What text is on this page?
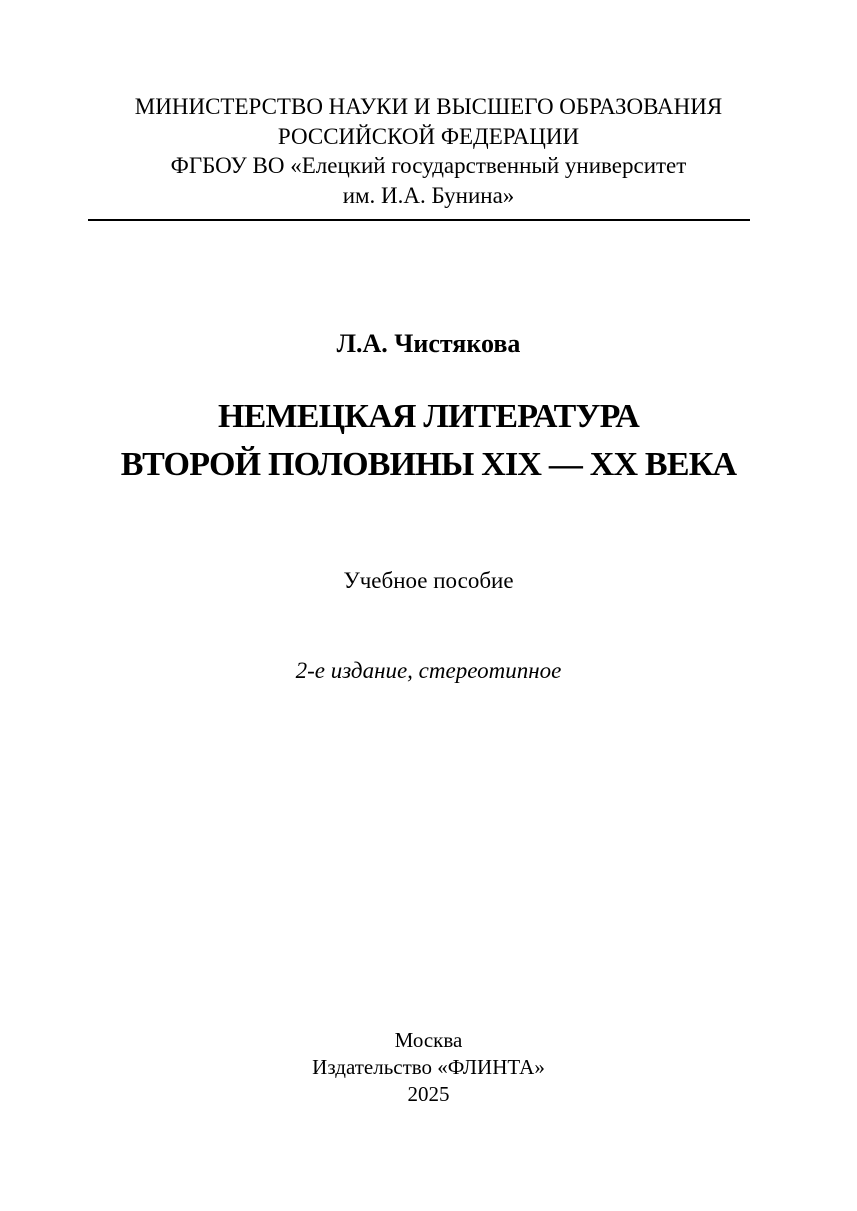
МИНИСТЕРСТВО НАУКИ И ВЫСШЕГО ОБРАЗОВАНИЯ
РОССИЙСКОЙ ФЕДЕРАЦИИ
ФГБОУ ВО «Елецкий государственный университет
им. И.А. Бунина»
Л.А. Чистякова
НЕМЕЦКАЯ ЛИТЕРАТУРА
ВТОРОЙ ПОЛОВИНЫ XIX — XX ВЕКА
Учебное пособие
2-е издание, стереотипное
Москва
Издательство «ФЛИНТА»
2025
